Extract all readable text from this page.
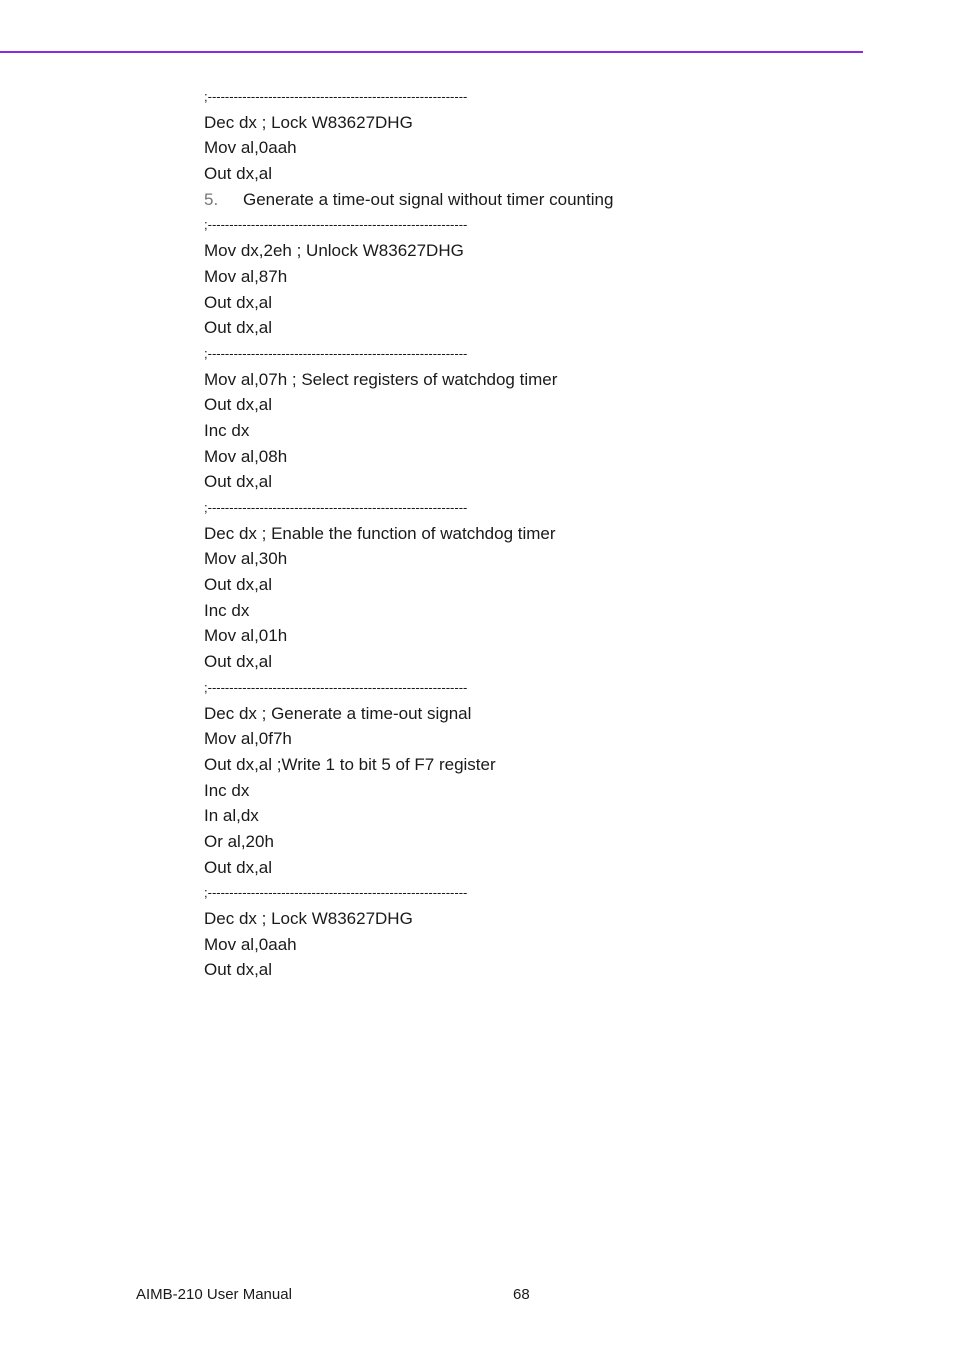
;------------------------------------------------------------
Dec dx ; Lock W83627DHG
Mov al,0aah
Out dx,al
5. Generate a time-out signal without timer counting
;------------------------------------------------------------
Mov dx,2eh ; Unlock W83627DHG
Mov al,87h
Out dx,al
Out dx,al
;------------------------------------------------------------
Mov al,07h ; Select registers of watchdog timer
Out dx,al
Inc dx
Mov al,08h
Out dx,al
;------------------------------------------------------------
Dec dx ; Enable the function of watchdog timer
Mov al,30h
Out dx,al
Inc dx
Mov al,01h
Out dx,al
;------------------------------------------------------------
Dec dx ; Generate a time-out signal
Mov al,0f7h
Out dx,al ;Write 1 to bit 5 of F7 register
Inc dx
In al,dx
Or al,20h
Out dx,al
;------------------------------------------------------------
Dec dx ; Lock W83627DHG
Mov al,0aah
Out dx,al
AIMB-210 User Manual	68
